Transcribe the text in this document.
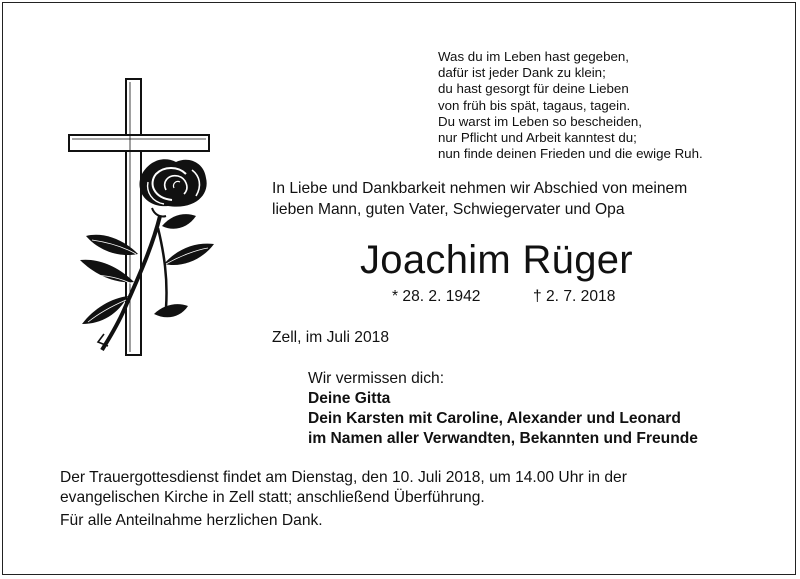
Was du im Leben hast gegeben,
dafür ist jeder Dank zu klein;
du hast gesorgt für deine Lieben
von früh bis spät, tagaus, tagein.
Du warst im Leben so bescheiden,
nur Pflicht und Arbeit kanntest du;
nun finde deinen Frieden und die ewige Ruh.
In Liebe und Dankbarkeit nehmen wir Abschied von meinem
lieben Mann, guten Vater, Schwiegervater und Opa
Joachim Rüger
* 28. 2. 1942	† 2. 7. 2018
Zell, im Juli 2018
Wir vermissen dich:
Deine Gitta
Dein Karsten mit Caroline, Alexander und Leonard
im Namen aller Verwandten, Bekannten und Freunde
Der Trauergottesdienst findet am Dienstag, den 10. Juli 2018, um 14.00 Uhr in der
evangelischen Kirche in Zell statt; anschließend Überführung.
Für alle Anteilnahme herzlichen Dank.
